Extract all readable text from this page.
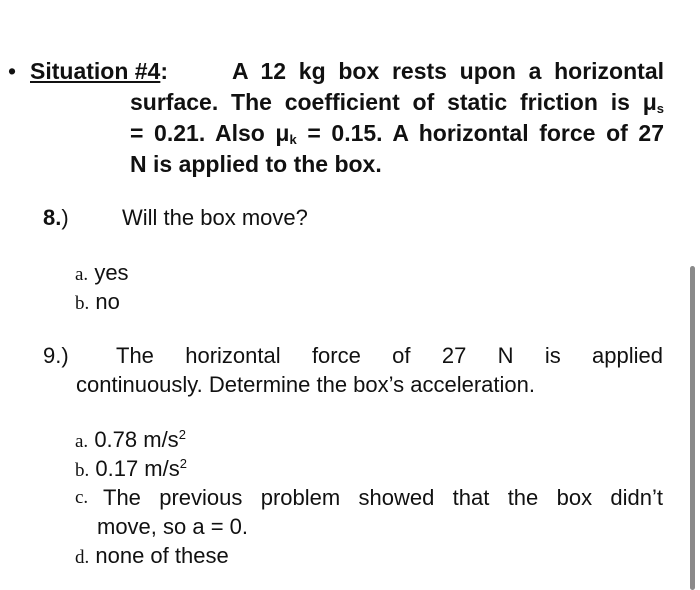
• Situation #4:	A 12 kg box rests upon a horizontal
surface. The coefficient of static friction is $\mu_s$
= 0.21. Also $\mu_k = 0.15$. A horizontal force of 27
N is applied to the box.
8.) Will the box move?
a. yes
b. no
9.) The horizontal force of 27 N is applied
continuously. Determine the box’s acceleration.
a. 0.78 $m/s^2$
b. 0.17 $m/s^2$
c. The previous problem showed that the box didn’t
move, so a = 0.
d. none of these
